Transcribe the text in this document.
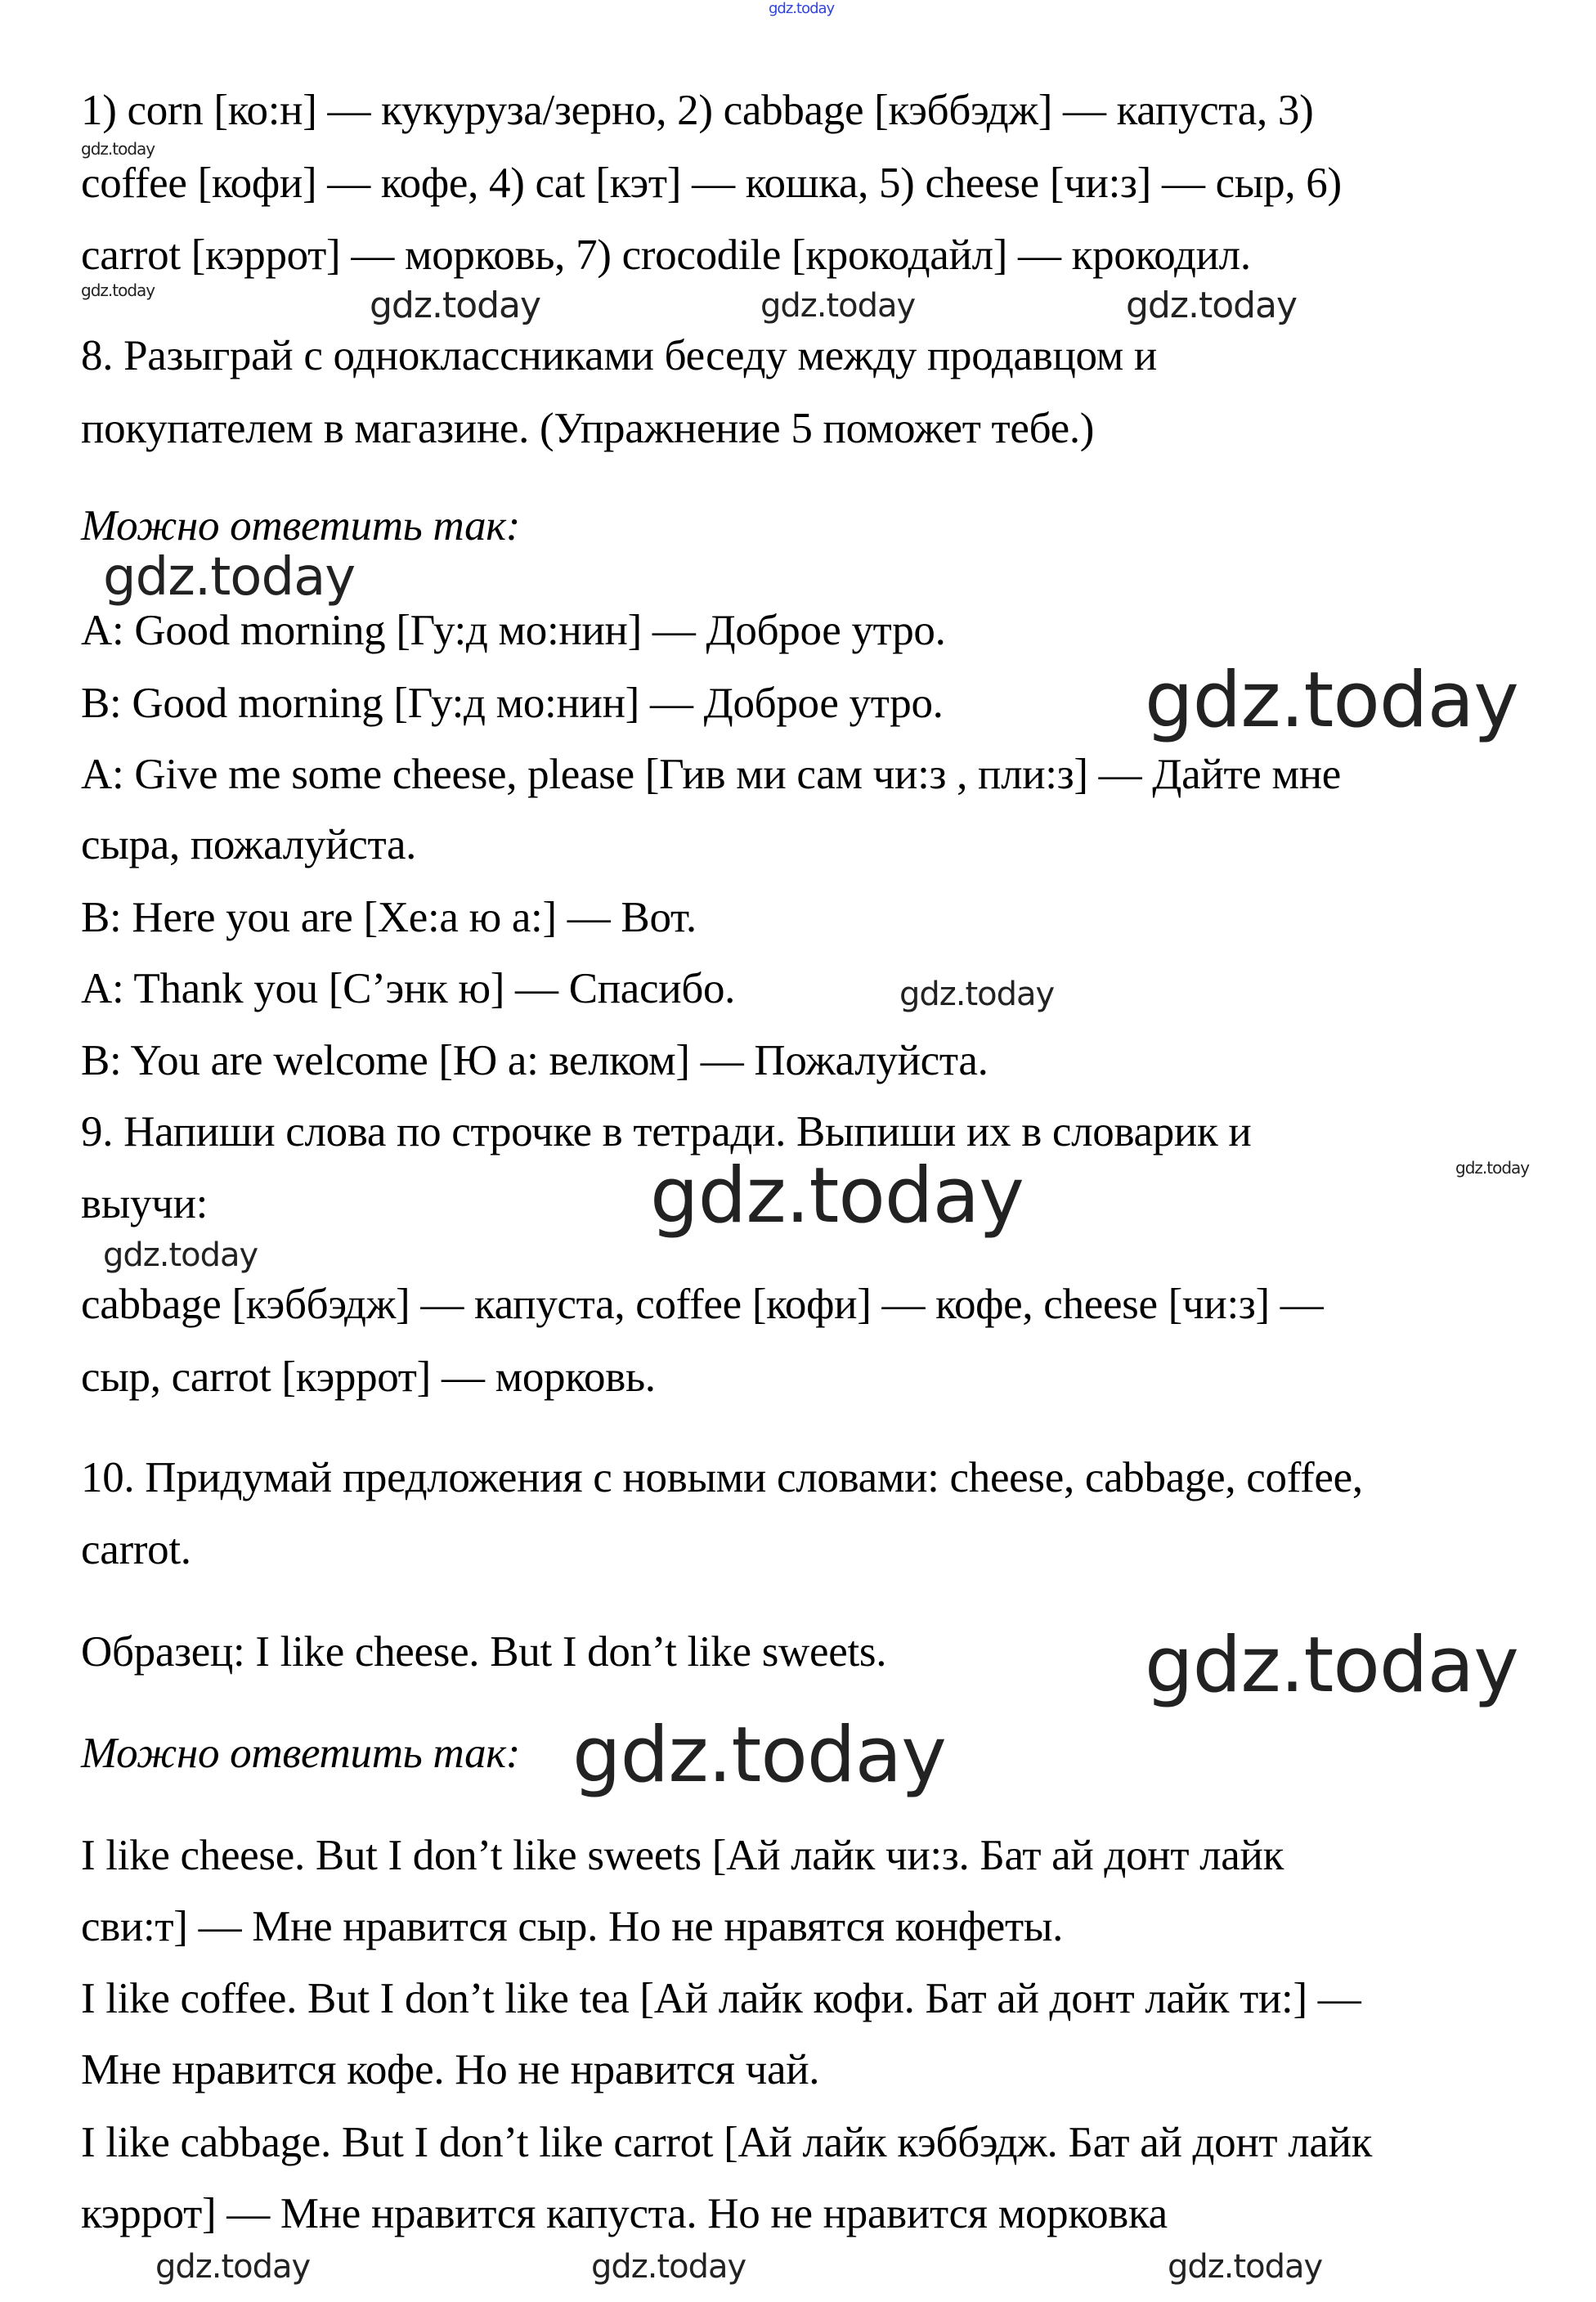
1) corn [ко:н] — кукуруза/зерно, 2) cabbage [кэббэдж] — капуста, 3)
coffee [кофи] — кофе, 4) cat [кэт] — кошка, 5) cheese [чи:з] — сыр, 6)
carrot [кэррот] — морковь, 7) crocodile [крокодайл] — крокодил.
8. Разыграй с одноклассниками беседу между продавцом и
покупателем в магазине. (Упражнение 5 поможет тебе.)
Можно ответить так:
A: Good morning [Гу:д мо:нин] — Доброе утро.
B: Good morning [Гу:д мо:нин] — Доброе утро.
A: Give me some cheese, please [Гив ми сам чи:з , пли:з] — Дайте мне
сыра, пожалуйста.
B: Here you are [Хе:а ю а:] — Вот.
A: Thank you [С’энк ю] — Спасибо.
B: You are welcome [Ю а: велком] — Пожалуйста.
9. Напиши слова по строчке в тетради. Выпиши их в словарик и
выучи:
cabbage [кэббэдж] — капуста, coffee [кофи] — кофе, cheese [чи:з] —
сыр, carrot [кэррот] — морковь.
10. Придумай предложения с новыми словами: cheese, cabbage, coffee,
carrot.
Образец: I like cheese. But I don’t like sweets.
Можно ответить так:
I like cheese. But I don’t like sweets [Ай лайк чи:з. Бат ай донт лайк
сви:т] — Мне нравится сыр. Но не нравятся конфеты.
I like coffee. But I don’t like tea [Ай лайк кофи. Бат ай донт лайк ти:] —
Мне нравится кофе. Но не нравится чай.
I like cabbage. But I don’t like carrot [Ай лайк кэббэдж. Бат ай донт лайк
кэррот] — Мне нравится капуста. Но не нравится морковка
gdz.today
gdz.today
gdz.today	gdz.today	gdz.today
gdz.today
gdz.today
gdz.today
gdz.today
gdz.today
gdz.today
gdz.today
gdz.today
gdz.today
gdz.today	gdz.today	gdz.today
